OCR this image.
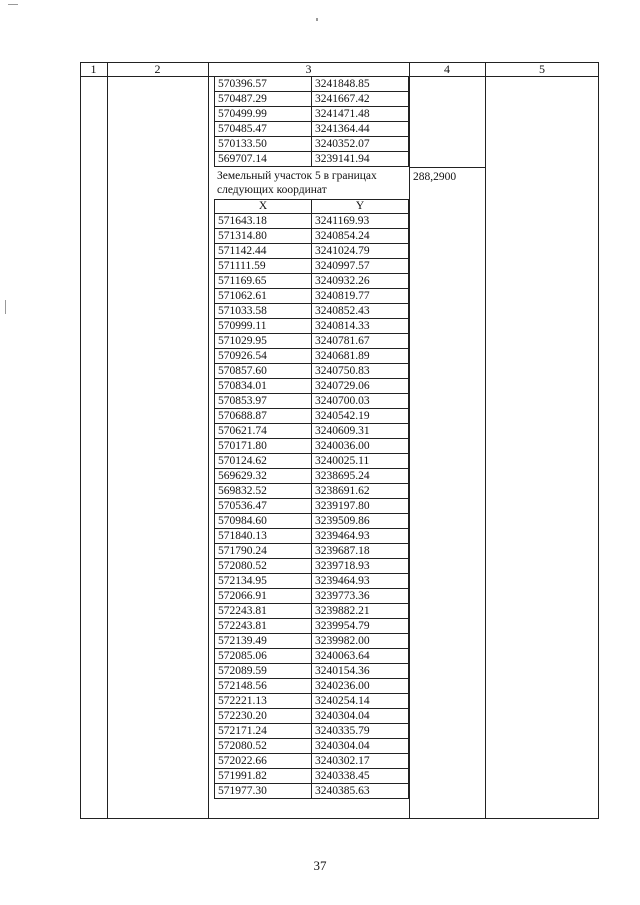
1	2	3	4	5
570396.57	3241848.85
570487.29	3241667.42
570499.99	3241471.48
570485.47	3241364.44
570133.50	3240352.07
569707.14	3239141.94
Земельный участок 5 в границах
следующих координат
288,2900
X	Y
571643.18	3241169.93
571314.80	3240854.24
571142.44	3241024.79
571111.59	3240997.57
571169.65	3240932.26
571062.61	3240819.77
571033.58	3240852.43
570999.11	3240814.33
571029.95	3240781.67
570926.54	3240681.89
570857.60	3240750.83
570834.01	3240729.06
570853.97	3240700.03
570688.87	3240542.19
570621.74	3240609.31
570171.80	3240036.00
570124.62	3240025.11
569629.32	3238695.24
569832.52	3238691.62
570536.47	3239197.80
570984.60	3239509.86
571840.13	3239464.93
571790.24	3239687.18
572080.52	3239718.93
572134.95	3239464.93
572066.91	3239773.36
572243.81	3239882.21
572243.81	3239954.79
572139.49	3239982.00
572085.06	3240063.64
572089.59	3240154.36
572148.56	3240236.00
572221.13	3240254.14
572230.20	3240304.04
572171.24	3240335.79
572080.52	3240304.04
572022.66	3240302.17
571991.82	3240338.45
571977.30	3240385.63
37
